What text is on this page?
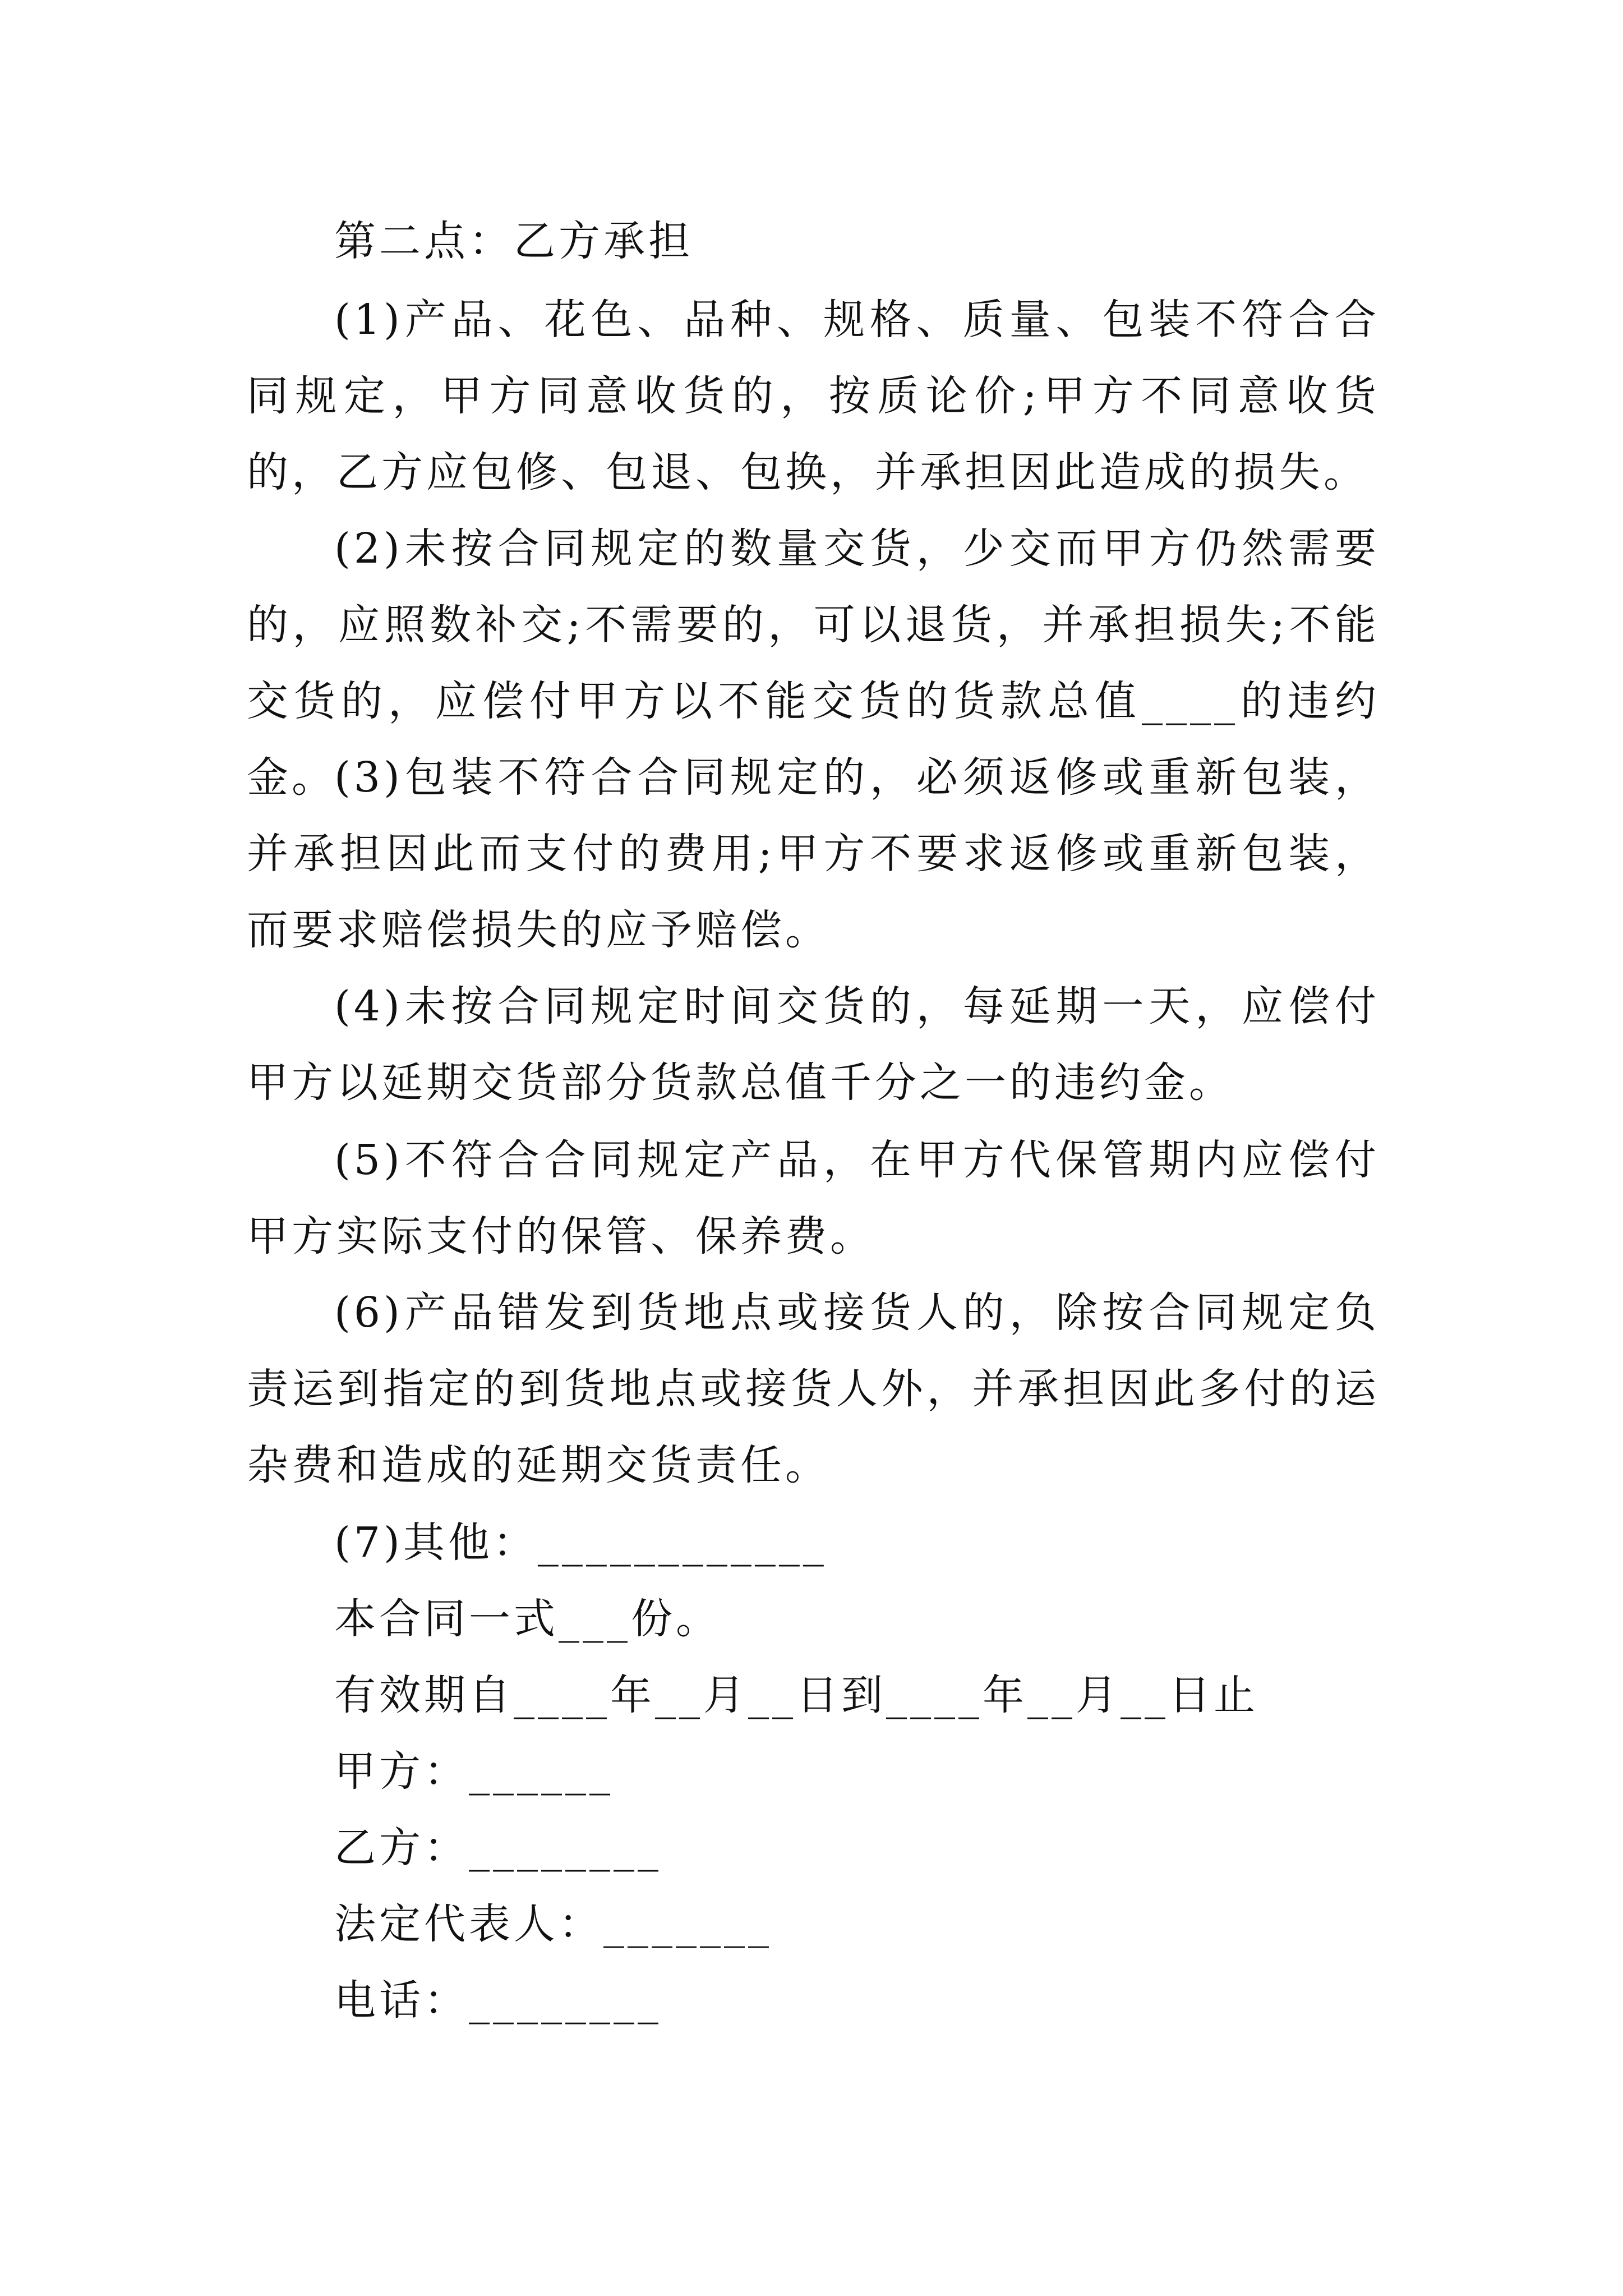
第二点：乙方承担

(1)产品、花色、品种、规格、质量、包装不符合合同规定，甲方同意收货的，按质论价;甲方不同意收货的，乙方应包修、包退、包换，并承担因此造成的损失。

(2)未按合同规定的数量交货，少交而甲方仍然需要的，应照数补交;不需要的，可以退货，并承担损失;不能交货的，应偿付甲方以不能交货的货款总值____的违约金。

(3)包装不符合合同规定的，必须返修或重新包装，并承担因此而支付的费用;甲方不要求返修或重新包装，而要求赔偿损失的应予赔偿。

(4)未按合同规定时间交货的，每延期一天，应偿付甲方以延期交货部分货款总值千分之一的违约金。

(5)不符合合同规定产品，在甲方代保管期内应偿付甲方实际支付的保管、保养费。

(6)产品错发到货地点或接货人的，除按合同规定负责运到指定的到货地点或接货人外，并承担因此多付的运杂费和造成的延期交货责任。

(7)其他：____________

本合同一式___份。

有效期自____年__月__日到____年__月__日止

甲方：______

乙方：________

法定代表人：_______

电话：________
